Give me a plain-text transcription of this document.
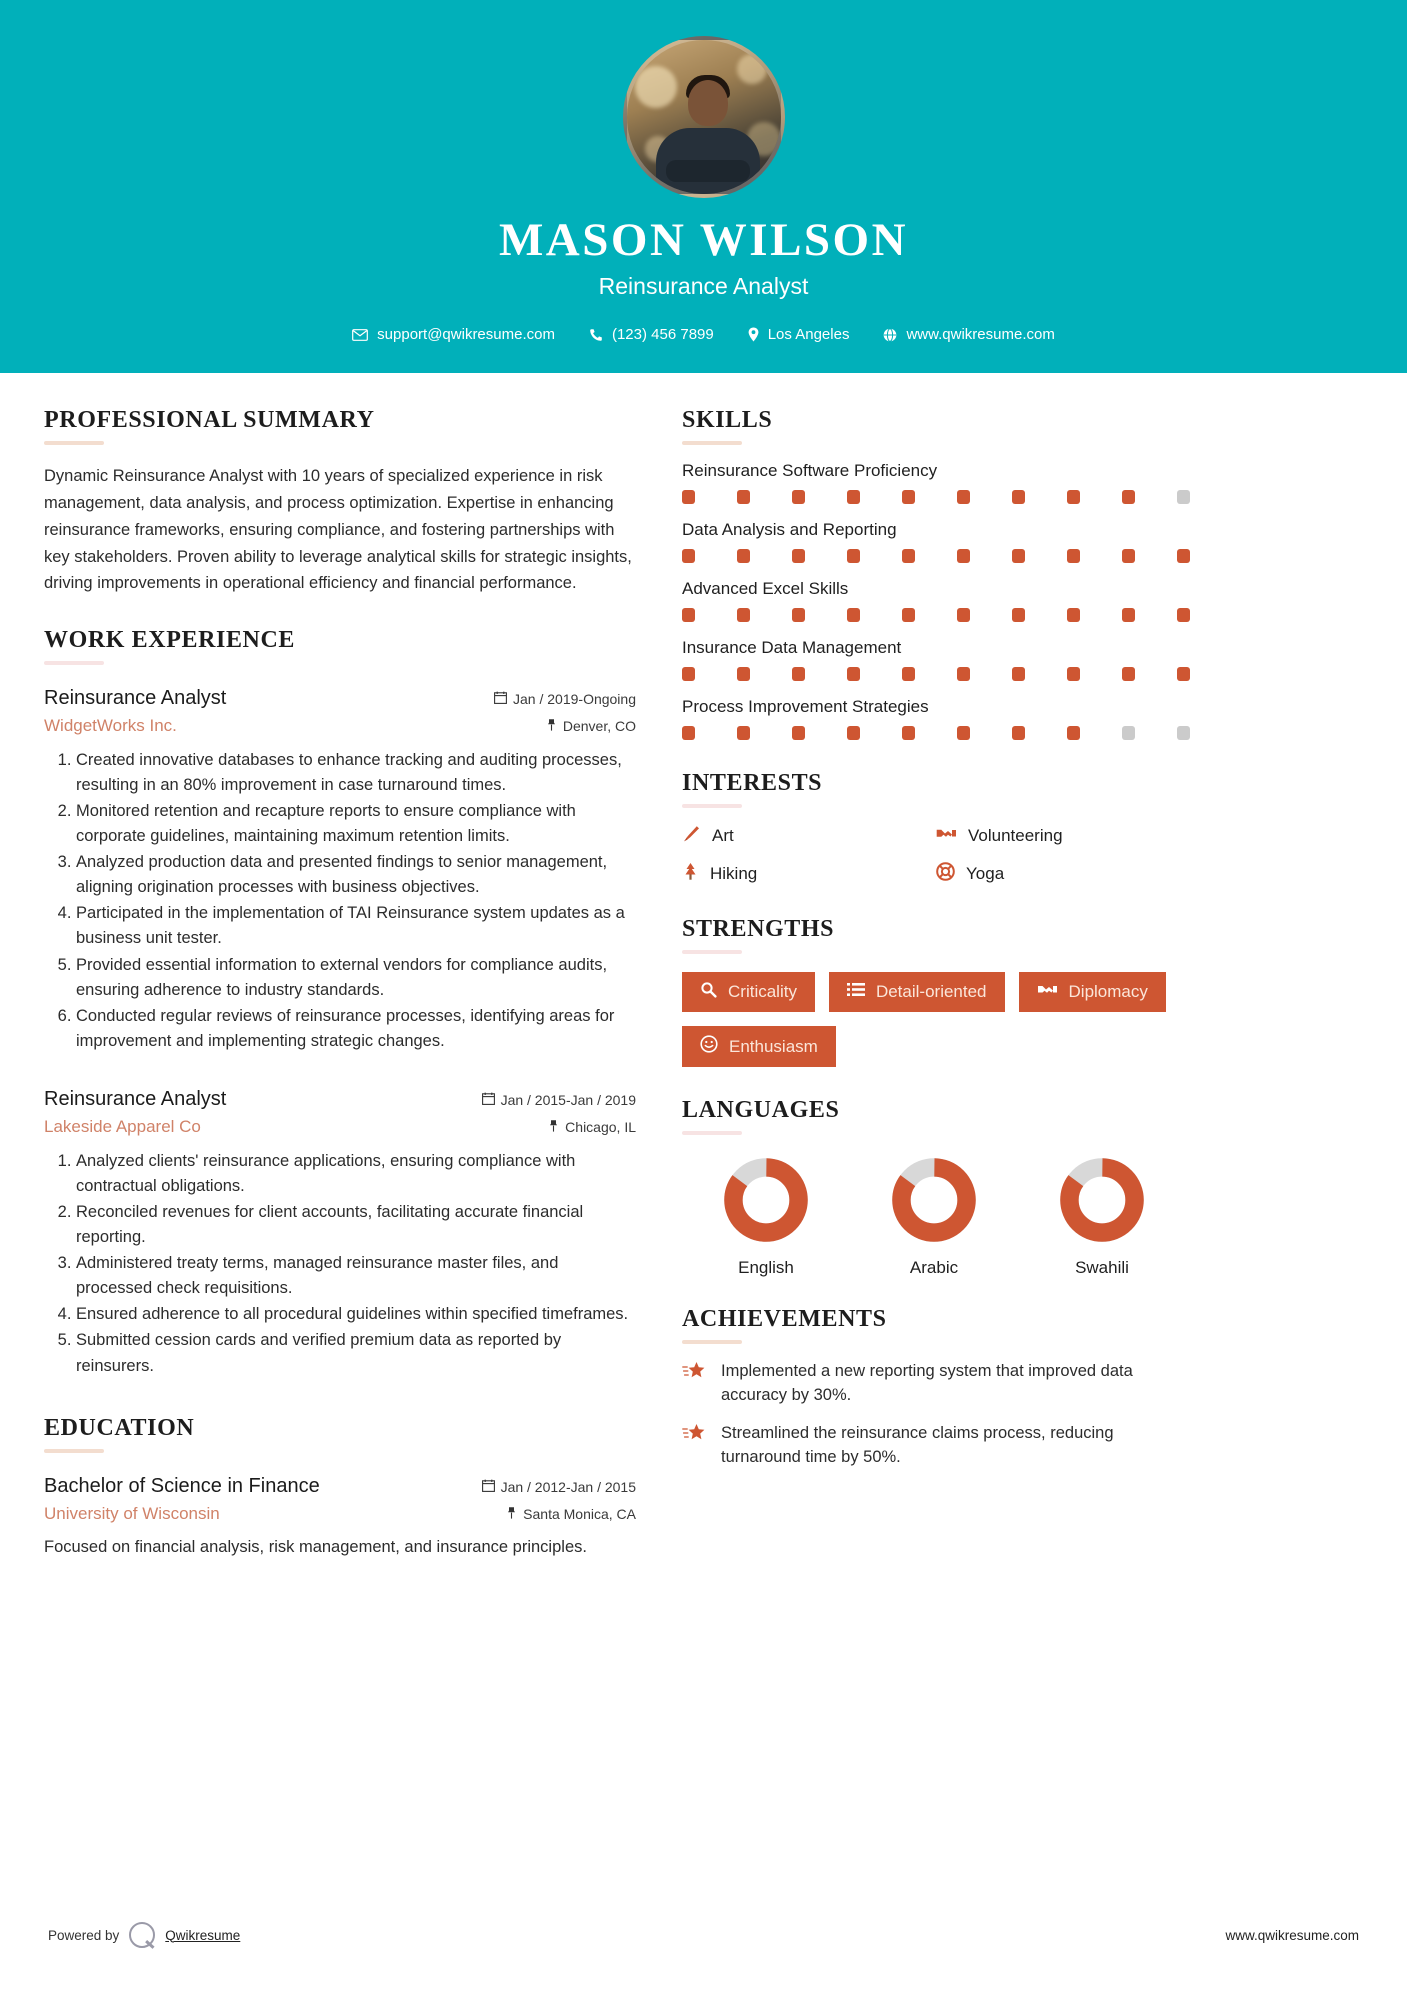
MASON WILSON
Reinsurance Analyst
support@qwikresume.com	(123) 456 7899	Los Angeles	www.qwikresume.com
PROFESSIONAL SUMMARY
Dynamic Reinsurance Analyst with 10 years of specialized experience in risk management, data analysis, and process optimization. Expertise in enhancing reinsurance frameworks, ensuring compliance, and fostering partnerships with key stakeholders. Proven ability to leverage analytical skills for strategic insights, driving improvements in operational efficiency and financial performance.
WORK EXPERIENCE
Reinsurance Analyst	Jan / 2019-Ongoing
WidgetWorks Inc.	Denver, CO
1. Created innovative databases to enhance tracking and auditing processes, resulting in an 80% improvement in case turnaround times.
2. Monitored retention and recapture reports to ensure compliance with corporate guidelines, maintaining maximum retention limits.
3. Analyzed production data and presented findings to senior management, aligning origination processes with business objectives.
4. Participated in the implementation of TAI Reinsurance system updates as a business unit tester.
5. Provided essential information to external vendors for compliance audits, ensuring adherence to industry standards.
6. Conducted regular reviews of reinsurance processes, identifying areas for improvement and implementing strategic changes.
Reinsurance Analyst	Jan / 2015-Jan / 2019
Lakeside Apparel Co	Chicago, IL
1. Analyzed clients' reinsurance applications, ensuring compliance with contractual obligations.
2. Reconciled revenues for client accounts, facilitating accurate financial reporting.
3. Administered treaty terms, managed reinsurance master files, and processed check requisitions.
4. Ensured adherence to all procedural guidelines within specified timeframes.
5. Submitted cession cards and verified premium data as reported by reinsurers.
EDUCATION
Bachelor of Science in Finance	Jan / 2012-Jan / 2015
University of Wisconsin	Santa Monica, CA
Focused on financial analysis, risk management, and insurance principles.
SKILLS
Reinsurance Software Proficiency
Data Analysis and Reporting
Advanced Excel Skills
Insurance Data Management
Process Improvement Strategies
INTERESTS
Art	Volunteering
Hiking	Yoga
STRENGTHS
Criticality	Detail-oriented	Diplomacy
Enthusiasm
LANGUAGES
English	Arabic	Swahili
ACHIEVEMENTS
Implemented a new reporting system that improved data accuracy by 30%.
Streamlined the reinsurance claims process, reducing turnaround time by 50%.
Powered by	Qwikresume	www.qwikresume.com
